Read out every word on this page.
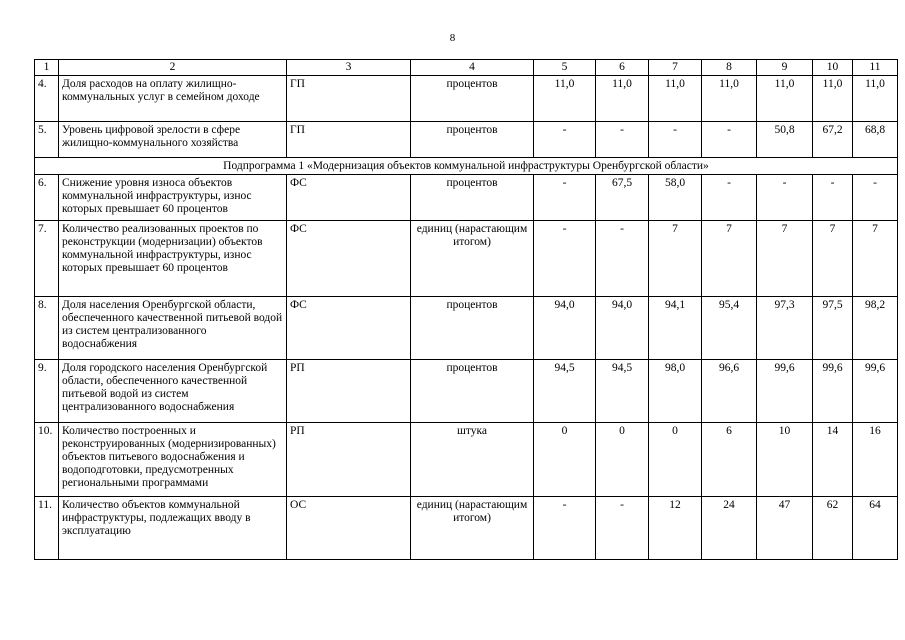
8
1	2	3	4	5	6	7	8	9	10	11
4.	Доля расходов на оплату жилищно-коммунальных услуг в семейном доходе	ГП	процентов	11,0	11,0	11,0	11,0	11,0	11,0	11,0
5.	Уровень цифровой зрелости в сфере жилищно-коммунального хозяйства	ГП	процентов	-	-	-	-	50,8	67,2	68,8
Подпрограмма 1 «Модернизация объектов коммунальной инфраструктуры Оренбургской области»										
6.	Снижение уровня износа объектов коммунальной инфраструктуры, износ которых превышает 60 процентов	ФС	процентов	-	67,5	58,0	-	-	-	-
7.	Количество реализованных проектов по реконструкции (модернизации) объектов коммунальной инфраструктуры, износ которых превышает 60 процентов	ФС	единиц (нарастающим итогом)	-	-	7	7	7	7	7
8.	Доля населения Оренбургской области, обеспеченного качественной питьевой водой из систем централизованного водоснабжения	ФС	процентов	94,0	94,0	94,1	95,4	97,3	97,5	98,2
9.	Доля городского населения Оренбургской области, обеспеченного качественной питьевой водой из систем централизованного водоснабжения	РП	процентов	94,5	94,5	98,0	96,6	99,6	99,6	99,6
10.	Количество построенных и реконструированных (модернизированных) объектов питьевого водоснабжения и водоподготовки, предусмотренных региональными программами	РП	штука	0	0	0	6	10	14	16
11.	Количество объектов коммунальной инфраструктуры, подлежащих вводу в эксплуатацию	ОС	единиц (нарастающим итогом)	-	-	12	24	47	62	64
